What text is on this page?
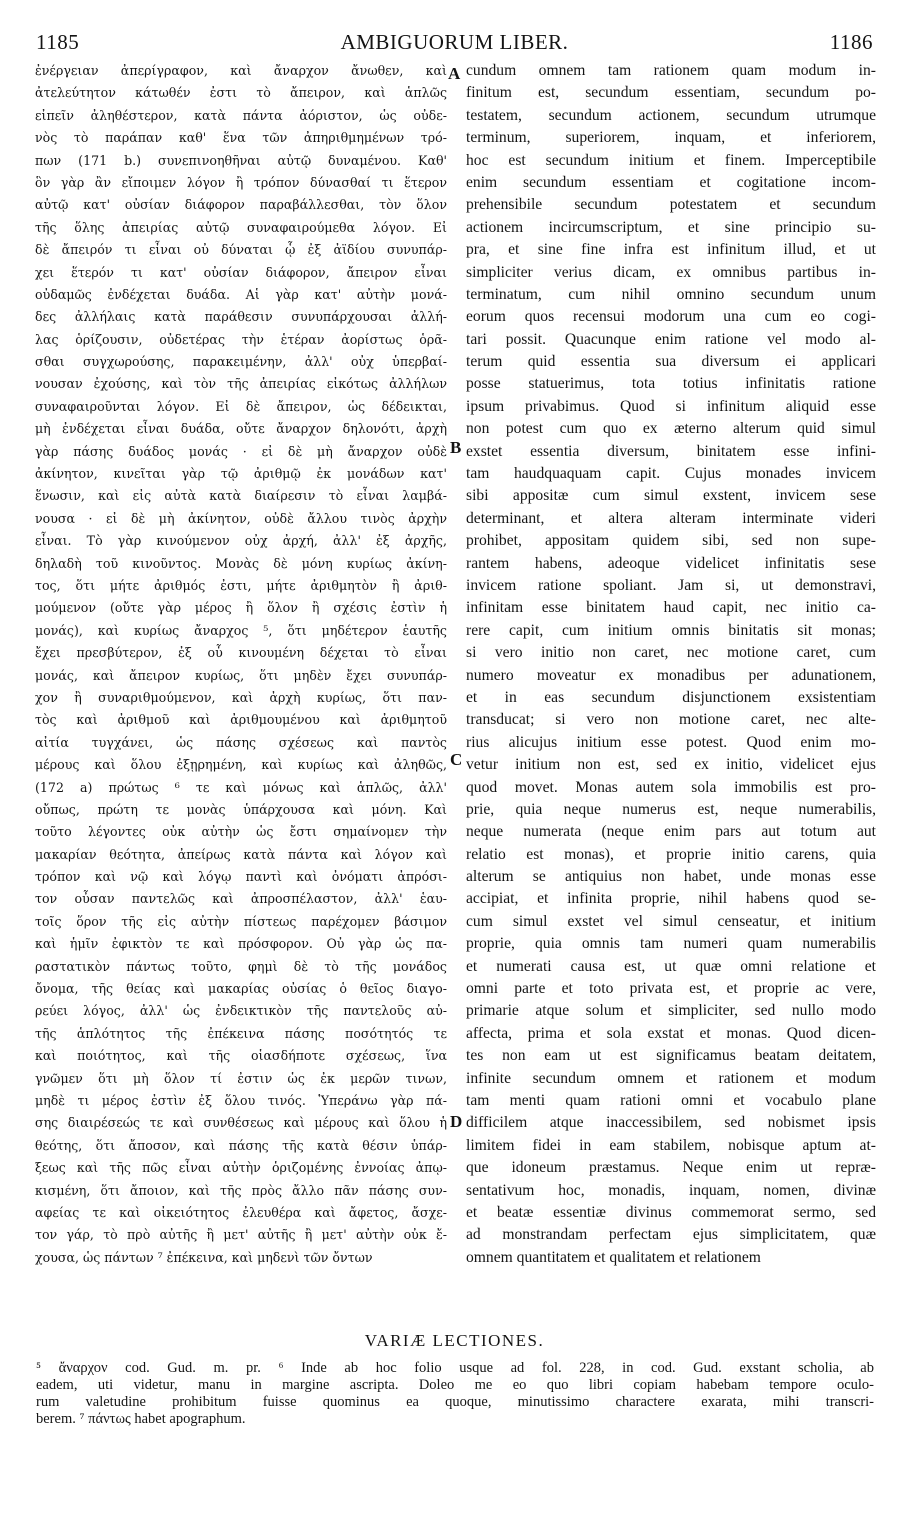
1185	AMBIGUORUM LIBER.	1186
ἐνέργειαν ἀπερίγραφον, καὶ ἄναρχον ἄνωθεν, καὶ
ἀτελεύτητον κάτωθέν ἐστι τὸ ἄπειρον, καὶ ἁπλῶς
εἰπεῖν ἀληθέστερον, κατὰ πάντα ἀόριστον, ὡς οὐδε-
νὸς τὸ παράπαν καθ' ἕνα τῶν ἀπηριθμημένων τρό-
πων (171 b.) συνεπινοηθῆναι αὐτῷ δυναμένου. Καθ'
ὃν γὰρ ἂν εἴποιμεν λόγον ἢ τρόπον δύνασθαί τι ἕτερον
αὐτῷ κατ' οὐσίαν διάφορον παραβάλλεσθαι, τὸν ὅλον
τῆς ὅλης ἀπειρίας αὐτῷ συναφαιρούμεθα λόγον. Εἰ
δὲ ἄπειρόν τι εἶναι οὐ δύναται ᾧ ἐξ ἀϊδίου συνυπάρ-
χει ἕτερόν τι κατ' οὐσίαν διάφορον, ἄπειρον εἶναι
οὐδαμῶς ἐνδέχεται δυάδα. Αἱ γὰρ κατ' αὐτὴν μονά-
δες ἀλλήλαις κατὰ παράθεσιν συνυπάρχουσαι ἀλλή-
λας ὁρίζουσιν, οὐδετέρας τὴν ἑτέραν ἀορίστως ὁρᾶ-
σθαι συγχωρούσης, παρακειμένην, ἀλλ' οὐχ ὑπερβαί-
νουσαν ἐχούσης, καὶ τὸν τῆς ἀπειρίας εἰκότως ἀλλήλων
συναφαιροῦνται λόγον. Εἰ δὲ ἄπειρον, ὡς δέδεικται,
μὴ ἐνδέχεται εἶναι δυάδα, οὔτε ἄναρχον δηλονότι, ἀρχὴ
γὰρ πάσης δυάδος μονάς · εἰ δὲ μὴ ἄναρχον οὐδὲ
ἀκίνητον, κινεῖται γὰρ τῷ ἀριθμῷ ἐκ μονάδων κατ'
ἕνωσιν, καὶ εἰς αὐτὰ κατὰ διαίρεσιν τὸ εἶναι λαμβά-
νουσα · εἰ δὲ μὴ ἀκίνητον, οὐδὲ ἄλλου τινὸς ἀρχὴν
εἶναι. Τὸ γὰρ κινούμενον οὐχ ἀρχή, ἀλλ' ἐξ ἀρχῆς,
δηλαδὴ τοῦ κινοῦντος. Μονὰς δὲ μόνη κυρίως ἀκίνη-
τος, ὅτι μήτε ἀριθμός ἐστι, μήτε ἀριθμητὸν ἢ ἀριθ-
μούμενον (οὔτε γὰρ μέρος ἢ ὅλον ἢ σχέσις ἐστὶν ἡ
μονάς), καὶ κυρίως ἄναρχος ⁵, ὅτι μηδέτερον ἑαυτῆς
ἔχει πρεσβύτερον, ἐξ οὗ κινουμένη δέχεται τὸ εἶναι
μονάς, καὶ ἄπειρον κυρίως, ὅτι μηδὲν ἔχει συνυπάρ-
χον ἢ συναριθμούμενον, καὶ ἀρχὴ κυρίως, ὅτι παν-
τὸς καὶ ἀριθμοῦ καὶ ἀριθμουμένου καὶ ἀριθμητοῦ
αἰτία τυγχάνει, ὡς πάσης σχέσεως καὶ παντὸς
μέρους καὶ ὅλου ἐξῃρημένη, καὶ κυρίως καὶ ἀληθῶς,
(172 a) πρώτως ⁶ τε καὶ μόνως καὶ ἁπλῶς, ἀλλ'
οὔπως, πρώτη τε μονὰς ὑπάρχουσα καὶ μόνη. Καὶ
τοῦτο λέγοντες οὐκ αὐτὴν ὡς ἔστι σημαίνομεν τὴν
μακαρίαν θεότητα, ἀπείρως κατὰ πάντα καὶ λόγον καὶ
τρόπον καὶ νῷ καὶ λόγῳ παντὶ καὶ ὀνόματι ἀπρόσι-
τον οὖσαν παντελῶς καὶ ἀπροσπέλαστον, ἀλλ' ἑαυ-
τοῖς ὅρον τῆς εἰς αὐτὴν πίστεως παρέχομεν βάσιμον
καὶ ἡμῖν ἐφικτὸν τε καὶ πρόσφορον. Οὐ γὰρ ὡς πα-
ραστατικὸν πάντως τοῦτο, φημὶ δὲ τὸ τῆς μονάδος
ὄνομα, τῆς θείας καὶ μακαρίας οὐσίας ὁ θεῖος διαγο-
ρεύει λόγος, ἀλλ' ὡς ἐνδεικτικὸν τῆς παντελοῦς αὐ-
τῆς ἁπλότητος τῆς ἐπέκεινα πάσης ποσότητός τε
καὶ ποιότητος, καὶ τῆς οἱασδήποτε σχέσεως, ἵνα
γνῶμεν ὅτι μὴ ὅλον τί ἐστιν ὡς ἐκ μερῶν τινων,
μηδὲ τι μέρος ἐστὶν ἐξ ὅλου τινός. Ὑπεράνω γὰρ πά-
σης διαιρέσεώς τε καὶ συνθέσεως καὶ μέρους καὶ ὅλου ἡ
θεότης, ὅτι ἄποσον, καὶ πάσης τῆς κατὰ θέσιν ὑπάρ-
ξεως καὶ τῆς πῶς εἶναι αὐτὴν ὁριζομένης ἐννοίας ἀπῳ-
κισμένη, ὅτι ἄποιον, καὶ τῆς πρὸς ἄλλο πᾶν πάσης συν-
αφείας τε καὶ οἰκειότητος ἐλευθέρα καὶ ἄφετος, ἄσχε-
τον γάρ, τὸ πρὸ αὐτῆς ἢ μετ' αὐτῆς ἢ μετ' αὐτὴν οὐκ ἔ-
χουσα, ὡς πάντων ⁷ ἐπέκεινα, καὶ μηδενὶ τῶν ὄντων
cundum omnem tam rationem quam modum in-
finitum est, secundum essentiam, secundum po-
testatem, secundum actionem, secundum utrumque
terminum, superiorem, inquam, et inferiorem,
hoc est secundum initium et finem. Imperceptibile
enim secundum essentiam et cogitatione incom-
prehensibile secundum potestatem et secundum
actionem incircumscriptum, et sine principio su-
pra, et sine fine infra est infinitum illud, et ut
simpliciter verius dicam, ex omnibus partibus in-
terminatum, cum nihil omnino secundum unum
eorum quos recensui modorum una cum eo cogi-
tari possit. Quacunque enim ratione vel modo al-
terum quid essentia sua diversum ei applicari
posse statuerimus, tota totius infinitatis ratione
ipsum privabimus. Quod si infinitum aliquid esse
non potest cum quo ex æterno alterum quid simul
exstet essentia diversum, binitatem esse infini-
tam haudquaquam capit. Cujus monades invicem
sibi appositæ cum simul exstent, invicem sese
determinant, et altera alteram interminate videri
prohibet, appositam quidem sibi, sed non supe-
rantem habens, adeoque videlicet infinitatis sese
invicem ratione spoliant. Jam si, ut demonstravi,
infinitam esse binitatem haud capit, nec initio ca-
rere capit, cum initium omnis binitatis sit monas;
si vero initio non caret, nec motione caret, cum
numero moveatur ex monadibus per adunationem,
et in eas secundum disjunctionem exsistentiam
transducat; si vero non motione caret, nec alte-
rius alicujus initium esse potest. Quod enim mo-
vetur initium non est, sed ex initio, videlicet ejus
quod movet. Monas autem sola immobilis est pro-
prie, quia neque numerus est, neque numerabilis,
neque numerata (neque enim pars aut totum aut
relatio est monas), et proprie initio carens, quia
alterum se antiquius non habet, unde monas esse
accipiat, et infinita proprie, nihil habens quod se-
cum simul exstet vel simul censeatur, et initium
proprie, quia omnis tam numeri quam numerabilis
et numerati causa est, ut quæ omni relatione et
omni parte et toto privata est, et proprie ac vere,
primarie atque solum et simpliciter, sed nullo modo
affecta, prima et sola exstat et monas. Quod dicen-
tes non eam ut est significamus beatam deitatem,
infinite secundum omnem et rationem et modum
tam menti quam rationi omni et vocabulo plane
difficilem atque inaccessibilem, sed nobismet ipsis
limitem fidei in eam stabilem, nobisque aptum at-
que idoneum præstamus. Neque enim ut repræ-
sentativum hoc, monadis, inquam, nomen, divinæ
et beatæ essentiæ divinus commemorat sermo, sed
ad monstrandam perfectam ejus simplicitatem, quæ
omnem quantitatem et qualitatem et relationem
A
B
C
D
VARIÆ LECTIONES.
⁵ ἄναρχον cod. Gud. m. pr. ⁶ Inde ab hoc folio usque ad fol. 228, in cod. Gud. exstant scholia, ab
eadem, uti videtur, manu in margine ascripta. Doleo me eo quo libri copiam habebam tempore oculo-
rum valetudine prohibitum fuisse quominus ea quoque, minutissimo charactere exarata, mihi transcri-
berem. ⁷ πάντως habet apographum.
